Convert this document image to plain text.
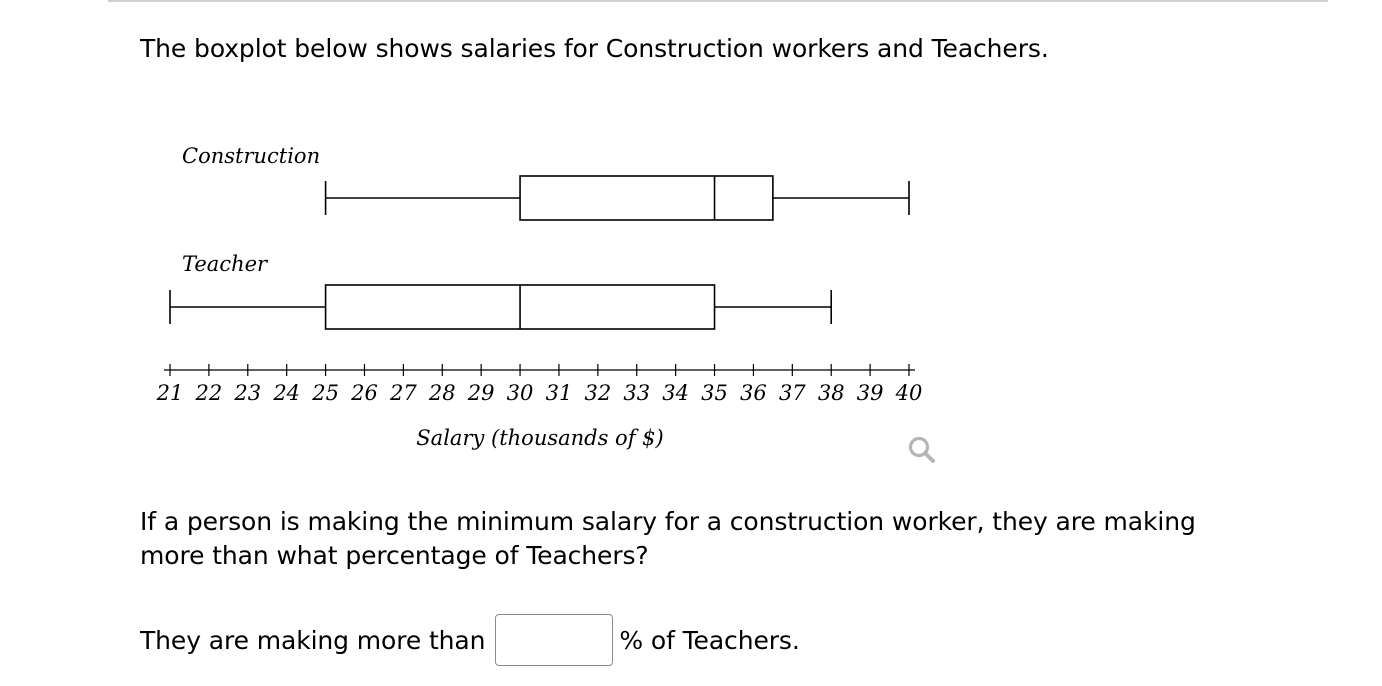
The boxplot below shows salaries for Construction workers and Teachers.

Construction
Teacher
21 22 23 24 25 26 27 28 29 30 31 32 33 34 35 36 37 38 39 40
Salary (thousands of $)

If a person is making the minimum salary for a construction worker, they are making more than what percentage of Teachers?

They are making more than	% of Teachers.
